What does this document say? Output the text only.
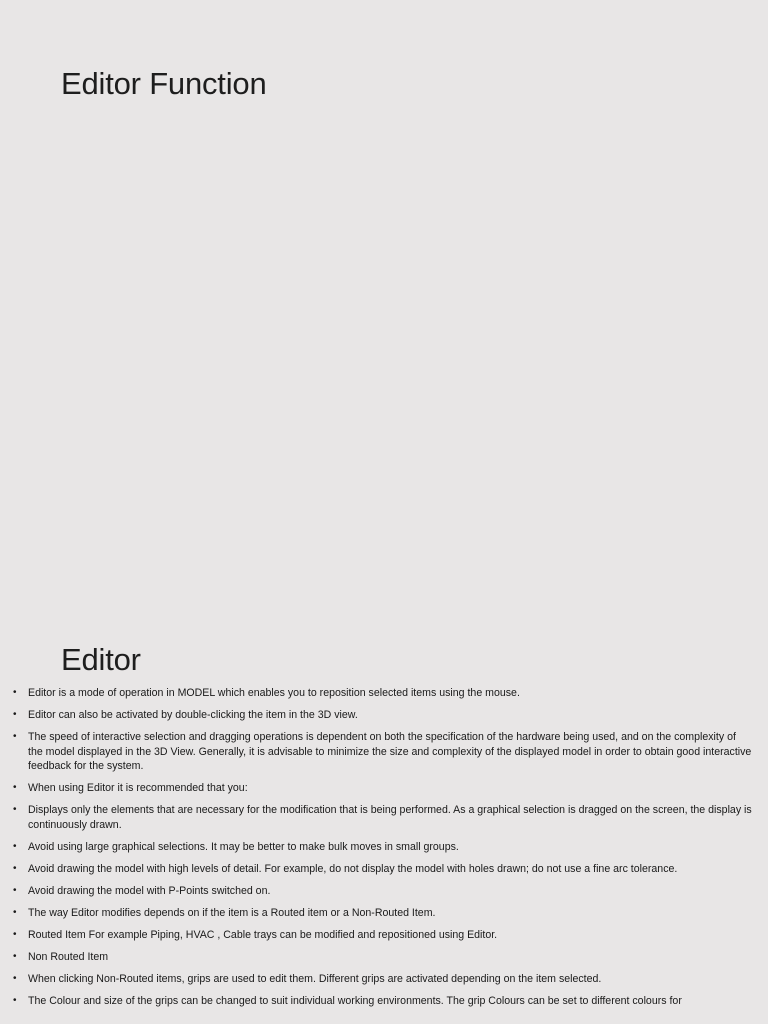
Editor Function
Editor
• Editor is a mode of operation in MODEL which enables you to reposition selected items using the mouse.
• Editor can also be activated by double-clicking the item in the 3D view.
• The speed of interactive selection and dragging operations is dependent on both the specification of the hardware being used, and on the complexity of the model displayed in the 3D View. Generally, it is advisable to minimize the size and complexity of the displayed model in order to obtain good interactive feedback for the system.
• When using Editor it is recommended that you:
• Displays only the elements that are necessary for the modification that is being performed. As a graphical selection is dragged on the screen, the display is continuously drawn.
• Avoid using large graphical selections. It may be better to make bulk moves in small groups.
• Avoid drawing the model with high levels of detail. For example, do not display the model with holes drawn; do not use a fine arc tolerance.
• Avoid drawing the model with P-Points switched on.
• The way Editor modifies depends on if the item is a Routed item or a Non-Routed Item.
• Routed Item For example Piping, HVAC , Cable trays can be modified and repositioned using Editor.
• Non Routed Item
• When clicking Non-Routed items, grips are used to edit them. Different grips are activated depending on the item selected.
• The Colour and size of the grips can be changed to suit individual working environments. The grip Colours can be set to different colours for
